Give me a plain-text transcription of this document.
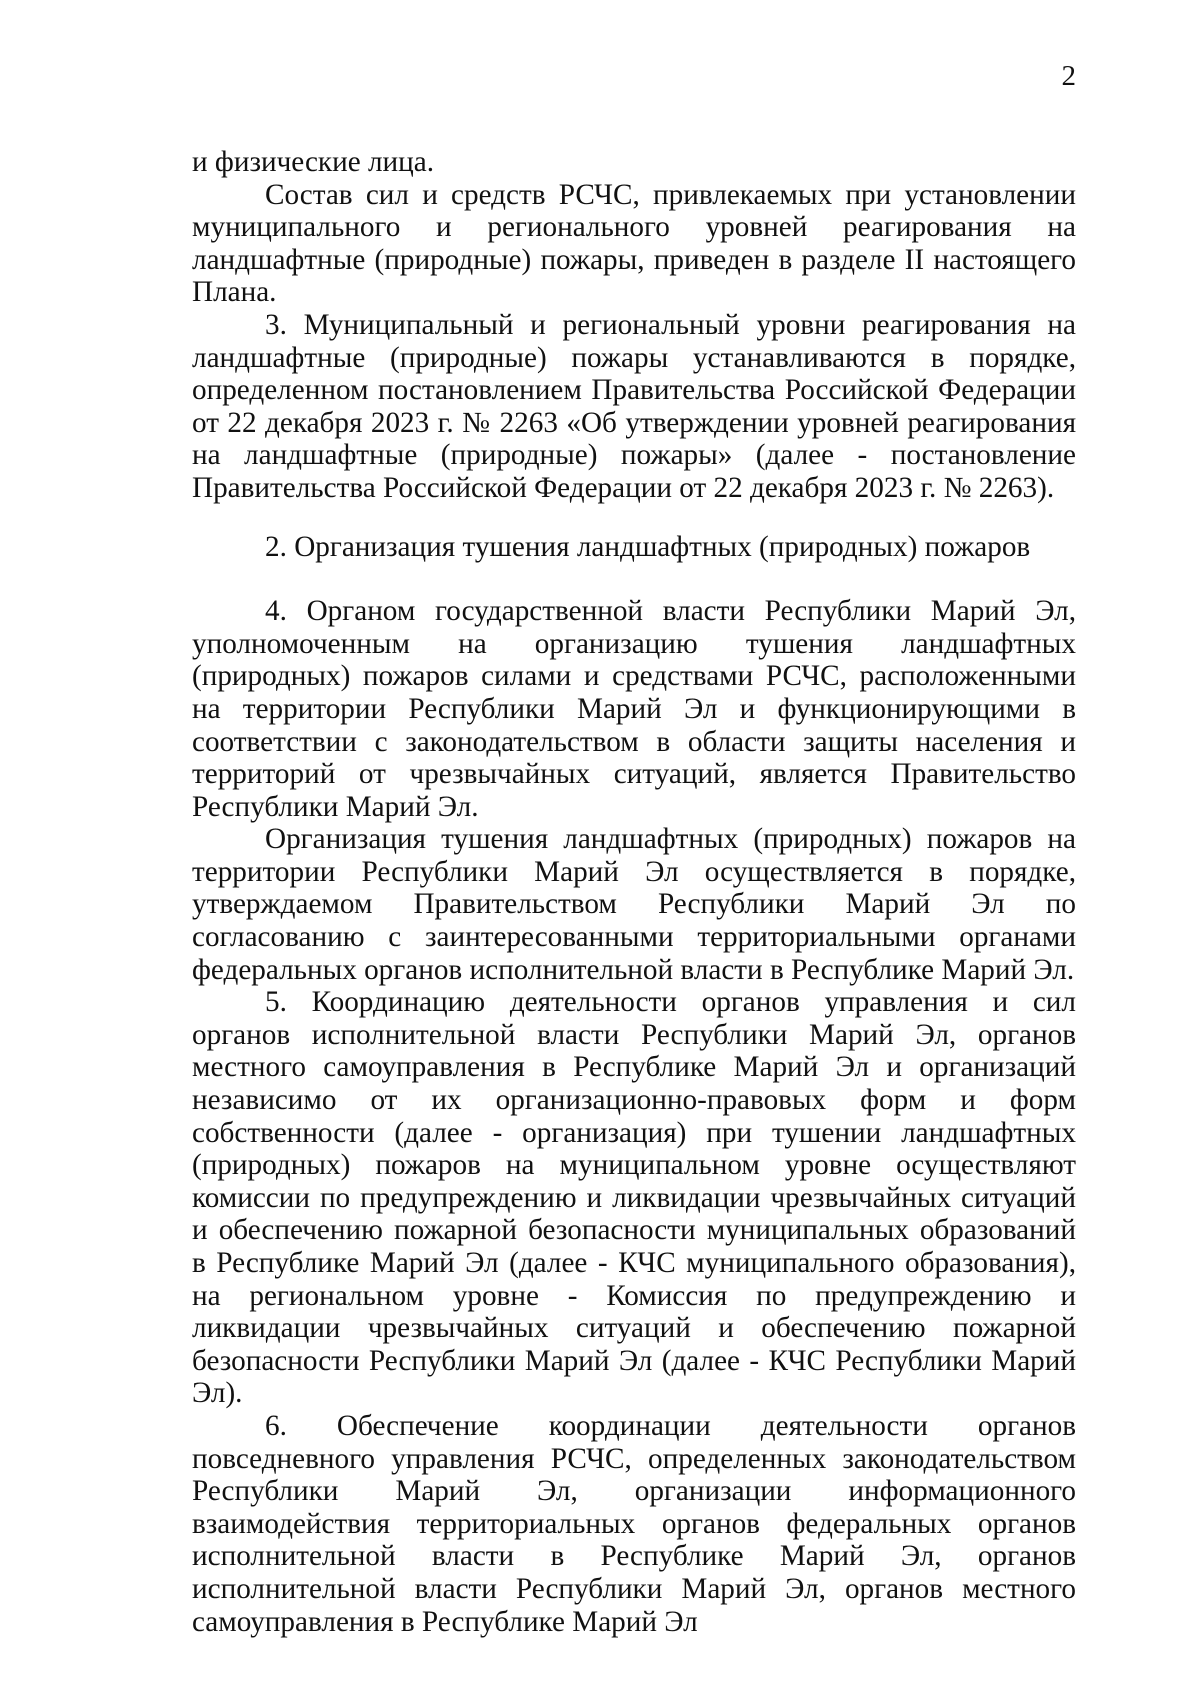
2

и физические лица.

Состав сил и средств РСЧС, привлекаемых при установлении муниципального и регионального уровней реагирования на ландшафтные (природные) пожары, приведен в разделе II настоящего Плана.

3. Муниципальный и региональный уровни реагирования на ландшафтные (природные) пожары устанавливаются в порядке, определенном постановлением Правительства Российской Федерации от 22 декабря 2023 г. № 2263 «Об утверждении уровней реагирования на ландшафтные (природные) пожары» (далее - постановление Правительства Российской Федерации от 22 декабря 2023 г. № 2263).

2. Организация тушения ландшафтных (природных) пожаров

4. Органом государственной власти Республики Марий Эл, уполномоченным на организацию тушения ландшафтных (природных) пожаров силами и средствами РСЧС, расположенными на территории Республики Марий Эл и функционирующими в соответствии с законодательством в области защиты населения и территорий от чрезвычайных ситуаций, является Правительство Республики Марий Эл.

Организация тушения ландшафтных (природных) пожаров на территории Республики Марий Эл осуществляется в порядке, утверждаемом Правительством Республики Марий Эл по согласованию с заинтересованными территориальными органами федеральных органов исполнительной власти в Республике Марий Эл.

5. Координацию деятельности органов управления и сил органов исполнительной власти Республики Марий Эл, органов местного самоуправления в Республике Марий Эл и организаций независимо от их организационно-правовых форм и форм собственности (далее - организация) при тушении ландшафтных (природных) пожаров на муниципальном уровне осуществляют комиссии по предупреждению и ликвидации чрезвычайных ситуаций и обеспечению пожарной безопасности муниципальных образований в Республике Марий Эл (далее - КЧС муниципального образования), на региональном уровне - Комиссия по предупреждению и ликвидации чрезвычайных ситуаций и обеспечению пожарной безопасности Республики Марий Эл (далее - КЧС Республики Марий Эл).

6. Обеспечение координации деятельности органов повседневного управления РСЧС, определенных законодательством Республики Марий Эл, организации информационного взаимодействия территориальных органов федеральных органов исполнительной власти в Республике Марий Эл, органов исполнительной власти Республики Марий Эл, органов местного самоуправления в Республике Марий Эл
